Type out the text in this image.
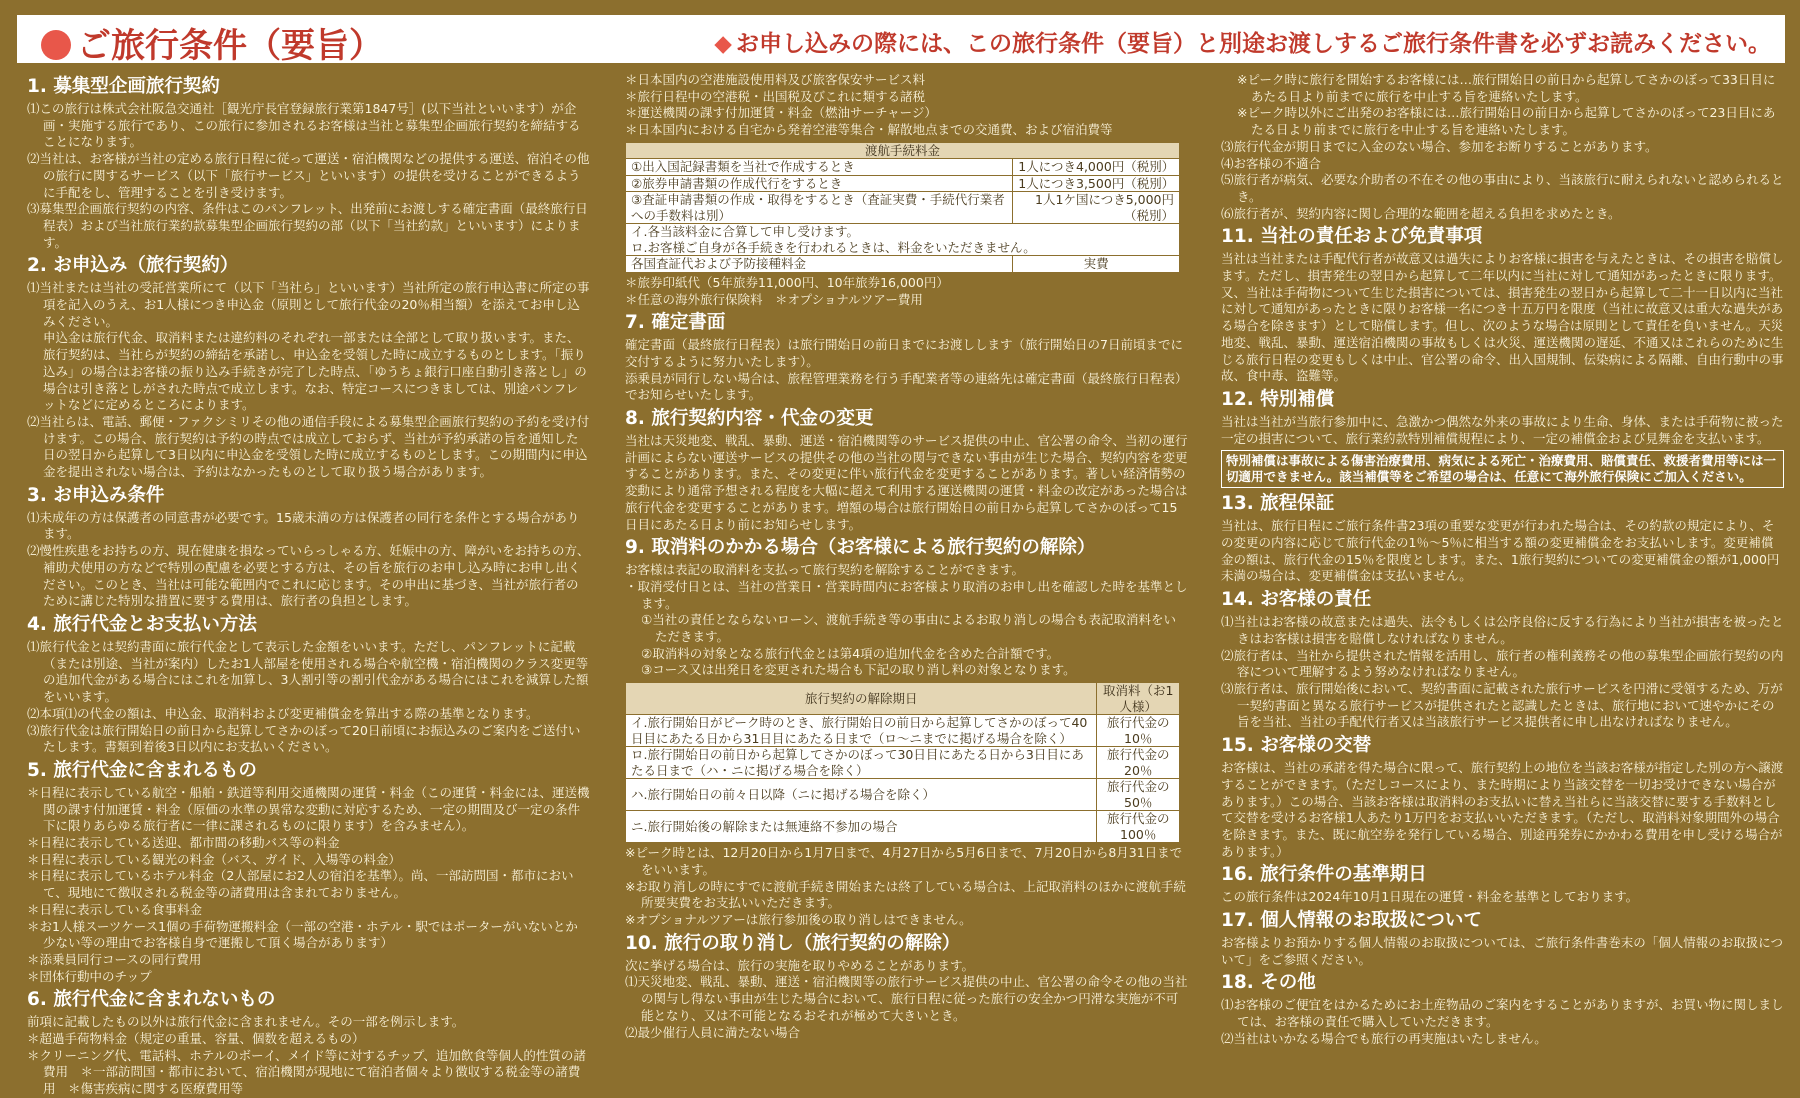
ご旅行条件（要旨）	◆ お申し込みの際には、この旅行条件（要旨）と別途お渡しするご旅行条件書を必ずお読みください。
1. 募集型企画旅行契約

⑴この旅行は株式会社阪急交通社［観光庁長官登録旅行業第1847号］(以下当社といいます）が企画・実施する旅行であり、この旅行に参加されるお客様は当社と募集型企画旅行契約を締結することになります。

⑵当社は、お客様が当社の定める旅行日程に従って運送・宿泊機関などの提供する運送、宿泊その他の旅行に関するサービス（以下「旅行サービス」といいます）の提供を受けることができるように手配をし、管理することを引き受けます。

⑶募集型企画旅行契約の内容、条件はこのパンフレット、出発前にお渡しする確定書面（最終旅行日程表）および当社旅行業約款募集型企画旅行契約の部（以下「当社約款」といいます）によります。

2. お申込み（旅行契約）

⑴当社または当社の受託営業所にて（以下「当社ら」といいます）当社所定の旅行申込書に所定の事項を記入のうえ、お1人様につき申込金（原則として旅行代金の20％相当額）を添えてお申し込みください。

申込金は旅行代金、取消料または違約料のそれぞれ一部または全部として取り扱います。また、旅行契約は、当社らが契約の締結を承諾し、申込金を受領した時に成立するものとします。「振り込み」の場合はお客様の振り込み手続きが完了した時点、「ゆうちょ銀行口座自動引き落とし」の場合は引き落としがされた時点で成立します。なお、特定コースにつきましては、別途パンフレットなどに定めるところによります。

⑵当社らは、電話、郵便・ファクシミリその他の通信手段による募集型企画旅行契約の予約を受け付けます。この場合、旅行契約は予約の時点では成立しておらず、当社が予約承諾の旨を通知した日の翌日から起算して3日以内に申込金を受領した時に成立するものとします。この期間内に申込金を提出されない場合は、予約はなかったものとして取り扱う場合があります。

3. お申込み条件

⑴未成年の方は保護者の同意書が必要です。15歳未満の方は保護者の同行を条件とする場合があります。

⑵慢性疾患をお持ちの方、現在健康を損なっていらっしゃる方、妊娠中の方、障がいをお持ちの方、補助犬使用の方などで特別の配慮を必要とする方は、その旨を旅行のお申し込み時にお申し出ください。このとき、当社は可能な範囲内でこれに応じます。その申出に基づき、当社が旅行者のために講じた特別な措置に要する費用は、旅行者の負担とします。

4. 旅行代金とお支払い方法

⑴旅行代金とは契約書面に旅行代金として表示した金額をいいます。ただし、パンフレットに記載（または別途、当社が案内）したお1人部屋を使用される場合や航空機・宿泊機関のクラス変更等の追加代金がある場合にはこれを加算し、3人割引等の割引代金がある場合にはこれを減算した額をいいます。

⑵本項⑴の代金の額は、申込金、取消料および変更補償金を算出する際の基準となります。

⑶旅行代金は旅行開始日の前日から起算してさかのぼって20日前頃にお振込みのご案内をご送付いたします。書類到着後3日以内にお支払いください。

5. 旅行代金に含まれるもの

＊日程に表示している航空・船舶・鉄道等利用交通機関の運賃・料金（この運賃・料金には、運送機関の課す付加運賃・料金（原価の水準の異常な変動に対応するため、一定の期間及び一定の条件下に限りあらゆる旅行者に一律に課されるものに限ります）を含みません）。

＊日程に表示している送迎、都市間の移動バス等の料金

＊日程に表示している観光の料金（バス、ガイド、入場等の料金）

＊日程に表示しているホテル料金（2人部屋にお2人の宿泊を基準）。尚、一部訪問国・都市において、現地にて徴収される税金等の諸費用は含まれておりません。

＊日程に表示している食事料金

＊お1人様スーツケース1個の手荷物運搬料金（一部の空港・ホテル・駅ではポーターがいないとか少ない等の理由でお客様自身で運搬して頂く場合があります）

＊添乗員同行コースの同行費用

＊団体行動中のチップ

6. 旅行代金に含まれないもの

前項に記載したもの以外は旅行代金に含まれません。その一部を例示します。

＊超過手荷物料金（規定の重量、容量、個数を超えるもの）

＊クリーニング代、電話料、ホテルのボーイ、メイド等に対するチップ、追加飲食等個人的性質の諸費用　＊一部訪問国・都市において、宿泊機関が現地にて宿泊者個々より徴収する税金等の諸費用　＊傷害疾病に関する医療費用等

＊日本国内の空港施設使用料及び旅客保安サービス料

＊旅行日程中の空港税・出国税及びこれに類する諸税

＊運送機関の課す付加運賃・料金（燃油サーチャージ）

＊日本国内における自宅から発着空港等集合・解散地点までの交通費、および宿泊費等

渡航手続料金	
①出入国記録書類を当社で作成するとき	1人につき4,000円（税別）
②旅券申請書類の作成代行をするとき	1人につき3,500円（税別）
③査証申請書類の作成・取得をするとき（査証実費・手続代行業者への手数料は別）	1人1ケ国につき5,000円（税別）

イ.各当該料金に合算して申し受けます。
ロ.お客様ご自身が各手続きを行われるときは、料金をいただきません。	

各国査証代および予防接種料金	実費

＊旅券印紙代（5年旅券11,000円、10年旅券16,000円）

＊任意の海外旅行保険料　＊オプショナルツアー費用

7. 確定書面

確定書面（最終旅行日程表）は旅行開始日の前日までにお渡しします（旅行開始日の7日前頃までに交付するように努力いたします）。

添乗員が同行しない場合は、旅程管理業務を行う手配業者等の連絡先は確定書面（最終旅行日程表）でお知らせいたします。

8. 旅行契約内容・代金の変更

当社は天災地変、戦乱、暴動、運送・宿泊機関等のサービス提供の中止、官公署の命令、当初の運行計画によらない運送サービスの提供その他の当社の関与できない事由が生じた場合、契約内容を変更することがあります。また、その変更に伴い旅行代金を変更することがあります。著しい経済情勢の変動により通常予想される程度を大幅に超えて利用する運送機関の運賃・料金の改定があった場合は旅行代金を変更することがあります。増額の場合は旅行開始日の前日から起算してさかのぼって15日目にあたる日より前にお知らせします。

9. 取消料のかかる場合（お客様による旅行契約の解除）

お客様は表記の取消料を支払って旅行契約を解除することができます。

・取消受付日とは、当社の営業日・営業時間内にお客様より取消のお申し出を確認した時を基準とします。

①当社の責任とならないローン、渡航手続き等の事由によるお取り消しの場合も表記取消料をいただきます。

②取消料の対象となる旅行代金とは第4項の追加代金を含めた合計額です。

③コース又は出発日を変更された場合も下記の取り消し料の対象となります。

旅行契約の解除期日	取消料（お1人様）
イ.旅行開始日がピーク時のとき、旅行開始日の前日から起算してさかのぼって40日目にあたる日から31日目にあたる日まで（ロ～ニまでに掲げる場合を除く）	旅行代金の10％
ロ.旅行開始日の前日から起算してさかのぼって30日目にあたる日から3日目にあたる日まで（ハ・ニに掲げる場合を除く）	旅行代金の20％
ハ.旅行開始日の前々日以降（ニに掲げる場合を除く）	旅行代金の50％
ニ.旅行開始後の解除または無連絡不参加の場合	旅行代金の100％

※ピーク時とは、12月20日から1月7日まで、4月27日から5月6日まで、7月20日から8月31日までをいいます。

※お取り消しの時にすでに渡航手続き開始または終了している場合は、上記取消料のほかに渡航手続所要実費をお支払いいただきます。

※オプショナルツアーは旅行参加後の取り消しはできません。

10. 旅行の取り消し（旅行契約の解除）

次に挙げる場合は、旅行の実施を取りやめることがあります。

⑴天災地変、戦乱、暴動、運送・宿泊機関等の旅行サービス提供の中止、官公署の命令その他の当社の関与し得ない事由が生じた場合において、旅行日程に従った旅行の安全かつ円滑な実施が不可能となり、又は不可能となるおそれが極めて大きいとき。

⑵最少催行人員に満たない場合

※ピーク時に旅行を開始するお客様には…旅行開始日の前日から起算してさかのぼって33日目にあたる日より前までに旅行を中止する旨を連絡いたします。

※ピーク時以外にご出発のお客様には…旅行開始日の前日から起算してさかのぼって23日目にあたる日より前までに旅行を中止する旨を連絡いたします。

⑶旅行代金が期日までに入金のない場合、参加をお断りすることがあります。

⑷お客様の不適合

⑸旅行者が病気、必要な介助者の不在その他の事由により、当該旅行に耐えられないと認められるとき。

⑹旅行者が、契約内容に関し合理的な範囲を超える負担を求めたとき。

11. 当社の責任および免責事項

当社は当社または手配代行者が故意又は過失によりお客様に損害を与えたときは、その損害を賠償します。ただし、損害発生の翌日から起算して二年以内に当社に対して通知があったときに限ります。又、当社は手荷物について生じた損害については、損害発生の翌日から起算して二十一日以内に当社に対して通知があったときに限りお客様一名につき十五万円を限度（当社に故意又は重大な過失がある場合を除きます）として賠償します。但し、次のような場合は原則として責任を負いません。天災地変、戦乱、暴動、運送宿泊機関の事故もしくは火災、運送機関の遅延、不通又はこれらのために生じる旅行日程の変更もしくは中止、官公署の命令、出入国規制、伝染病による隔離、自由行動中の事故、食中毒、盗難等。

12. 特別補償

当社は当社が当旅行参加中に、急激かつ偶然な外来の事故により生命、身体、または手荷物に被った一定の損害について、旅行業約款特別補償規程により、一定の補償金および見舞金を支払います。

特別補償は事故による傷害治療費用、病気による死亡・治療費用、賠償責任、救援者費用等には一切適用できません。該当補償等をご希望の場合は、任意にて海外旅行保険にご加入ください。
13. 旅程保証

当社は、旅行日程にご旅行条件書23項の重要な変更が行われた場合は、その約款の規定により、その変更の内容に応じて旅行代金の1％～5％に相当する額の変更補償金をお支払いします。変更補償金の額は、旅行代金の15％を限度とします。また、1旅行契約についての変更補償金の額が1,000円未満の場合は、変更補償金は支払いません。

14. お客様の責任

⑴当社はお客様の故意または過失、法令もしくは公序良俗に反する行為により当社が損害を被ったときはお客様は損害を賠償しなければなりません。

⑵旅行者は、当社から提供された情報を活用し、旅行者の権利義務その他の募集型企画旅行契約の内容について理解するよう努めなければなりません。

⑶旅行者は、旅行開始後において、契約書面に記載された旅行サービスを円滑に受領するため、万が一契約書面と異なる旅行サービスが提供されたと認識したときは、旅行地において速やかにその旨を当社、当社の手配代行者又は当該旅行サービス提供者に申し出なければなりません。

15. お客様の交替

お客様は、当社の承諾を得た場合に限って、旅行契約上の地位を当該お客様が指定した別の方へ譲渡することができます。（ただしコースにより、また時期により当該交替を一切お受けできない場合があります。）この場合、当該お客様は取消料のお支払いに替え当社らに当該交替に要する手数料として交替を受けるお客様1人あたり1万円をお支払いいただきます。（ただし、取消料対象期間外の場合を除きます。また、既に航空券を発行している場合、別途再発券にかかわる費用を申し受ける場合があります。）

16. 旅行条件の基準期日

この旅行条件は2024年10月1日現在の運賃・料金を基準としております。

17. 個人情報のお取扱について

お客様よりお預かりする個人情報のお取扱については、ご旅行条件書巻末の「個人情報のお取扱について」をご参照ください。

18. その他

⑴お客様のご便宜をはかるためにお土産物品のご案内をすることがありますが、お買い物に関しましては、お客様の責任で購入していただきます。

⑵当社はいかなる場合でも旅行の再実施はいたしません。
